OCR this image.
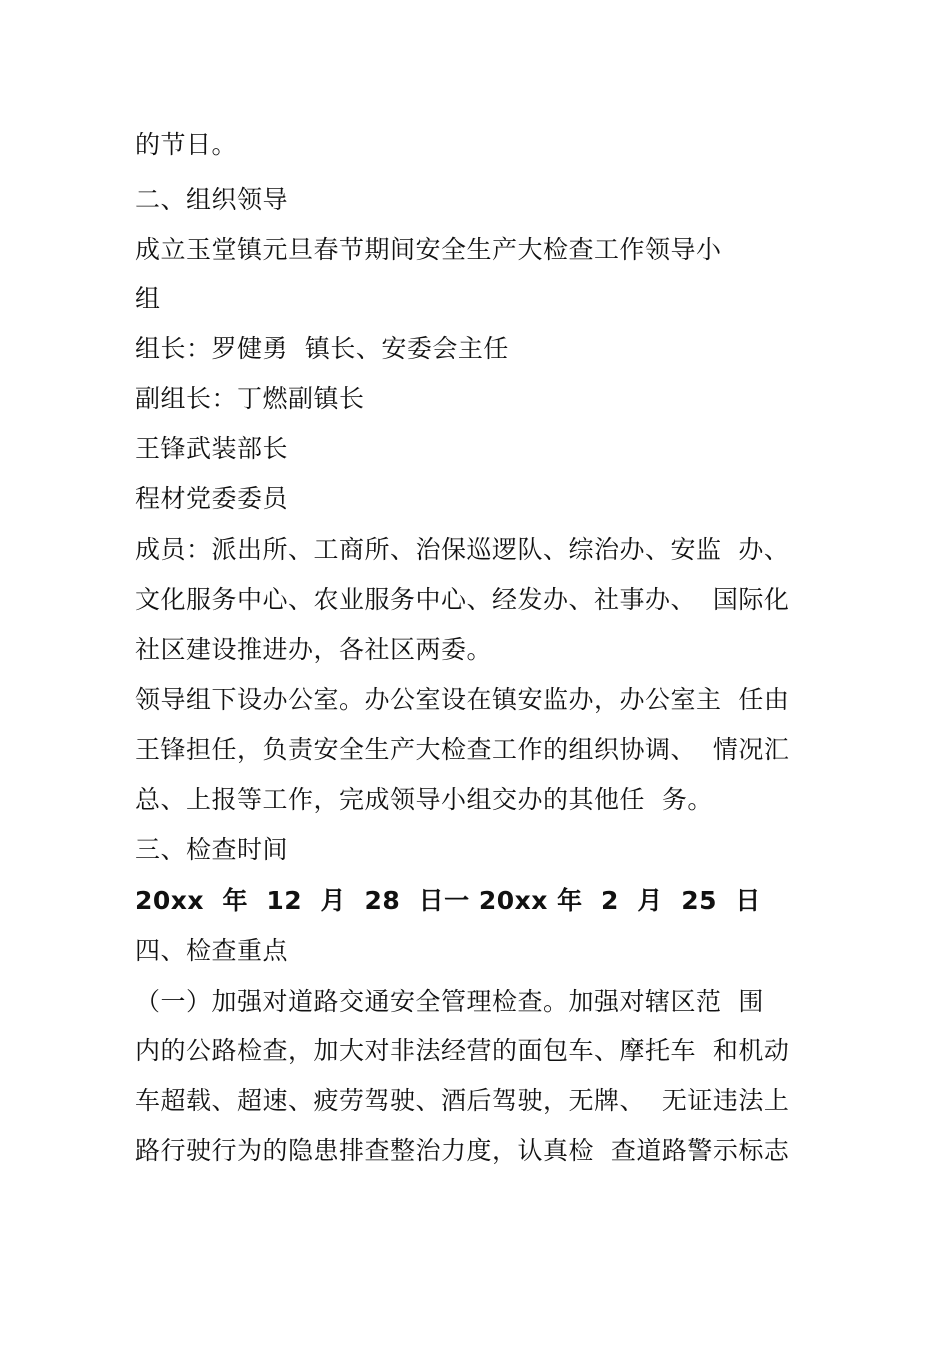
的节日。
二、组织领导
成立玉堂镇元旦春节期间安全生产大检查工作领导小
组
组长：罗健勇  镇长、安委会主任
副组长：丁燃副镇长
王锋武装部长
程材党委委员
成员：派出所、工商所、治保巡逻队、综治办、安监  办、
文化服务中心、农业服务中心、经发办、社事办、  国际化
社区建设推进办，各社区两委。
领导组下设办公室。办公室设在镇安监办，办公室主  任由
王锋担任，负责安全生产大检查工作的组织协调、  情况汇
总、上报等工作，完成领导小组交办的其他任  务。
三、检查时间
20xx  年  12  月  28  日一 20xx 年  2  月  25  日
四、检查重点
（一）加强对道路交通安全管理检查。加强对辖区范  围
内的公路检查，加大对非法经营的面包车、摩托车  和机动
车超载、超速、疲劳驾驶、酒后驾驶，无牌、  无证违法上
路行驶行为的隐患排查整治力度，认真检  查道路警示标志
